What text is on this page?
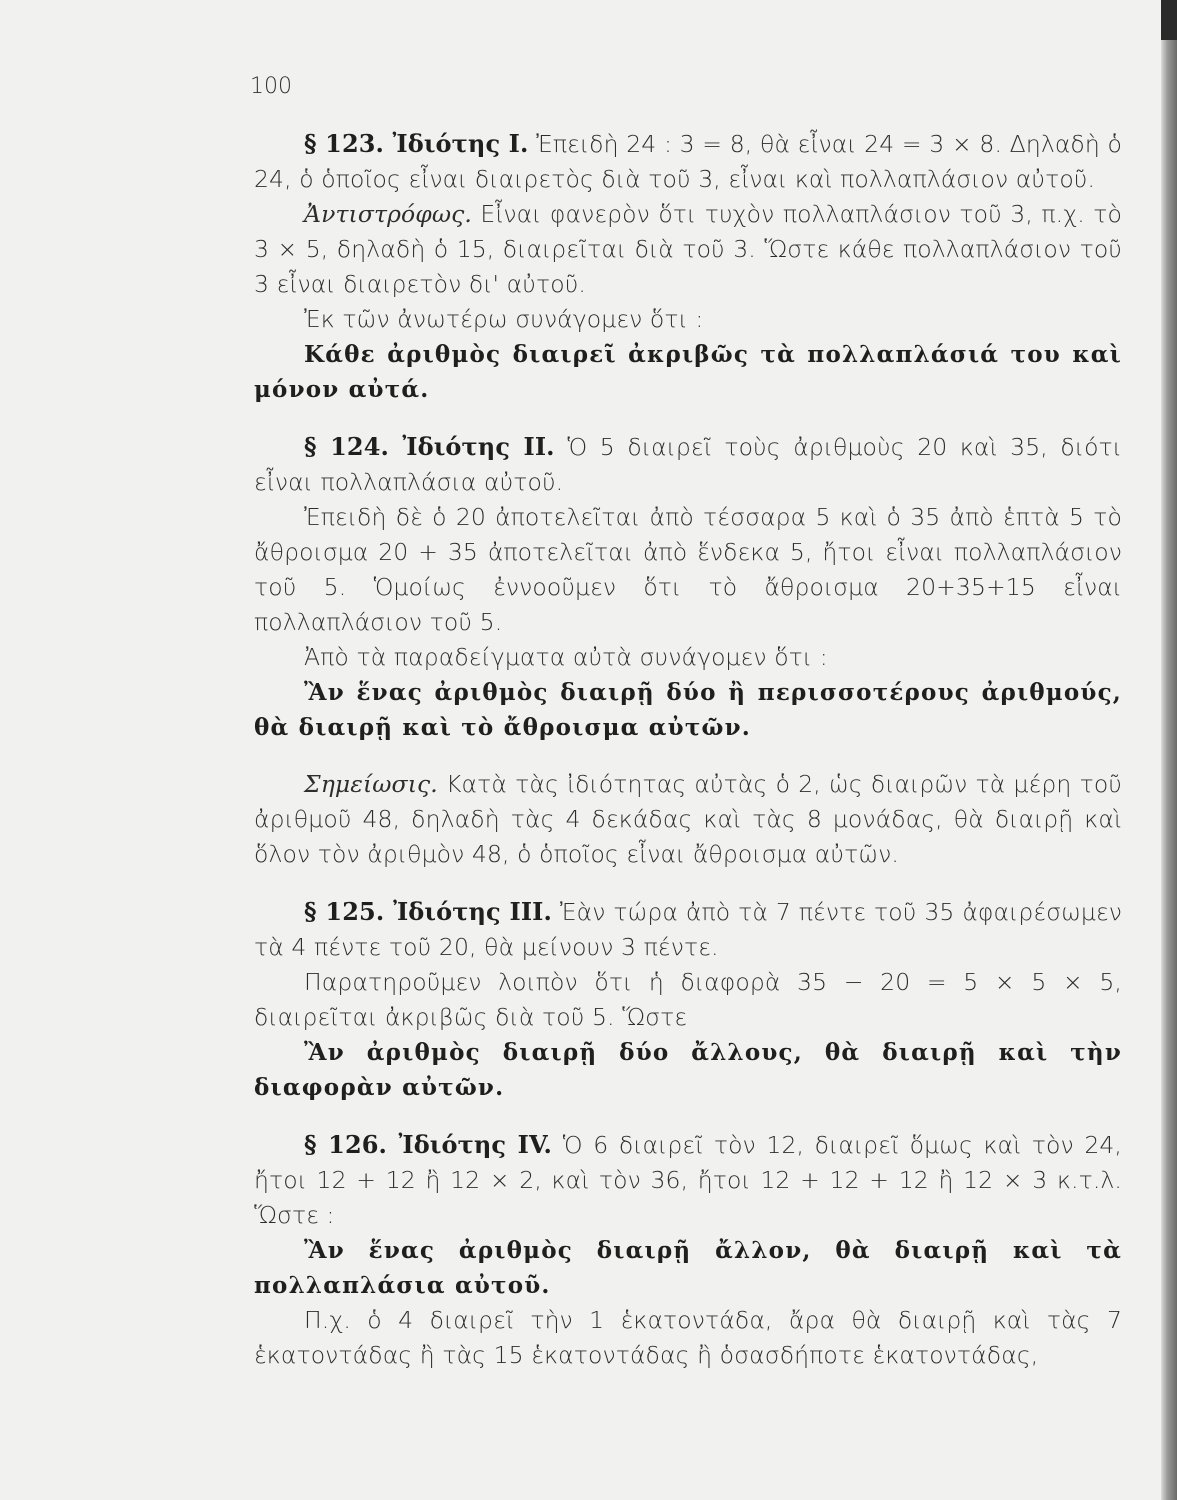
100

§ 123. Ἰδιότης I. Ἐπειδὴ 24 : 3 = 8, θὰ εἶναι 24 = 3 × 8. Δηλαδὴ ὁ 24, ὁ ὁποῖος εἶναι διαιρετὸς διὰ τοῦ 3, εἶναι καὶ πολλαπλάσιον αὐτοῦ.

Ἀντιστρόφως. Εἶναι φανερὸν ὅτι τυχὸν πολλαπλάσιον τοῦ 3, π.χ. τὸ 3 × 5, δηλαδὴ ὁ 15, διαιρεῖται διὰ τοῦ 3. Ὥστε κάθε πολλαπλάσιον τοῦ 3 εἶναι διαιρετὸν δι' αὐτοῦ.

Ἐκ τῶν ἀνωτέρω συνάγομεν ὅτι :

Κάθε ἀριθμὸς διαιρεῖ ἀκριβῶς τὰ πολλαπλάσιά του καὶ μόνον αὐτά.

§ 124. Ἰδιότης II. Ὁ 5 διαιρεῖ τοὺς ἀριθμοὺς 20 καὶ 35, διότι εἶναι πολλαπλάσια αὐτοῦ.

Ἐπειδὴ δὲ ὁ 20 ἀποτελεῖται ἀπὸ τέσσαρα 5 καὶ ὁ 35 ἀπὸ ἑπτὰ 5 τὸ ἄθροισμα 20 + 35 ἀποτελεῖται ἀπὸ ἕνδεκα 5, ἤτοι εἶναι πολλαπλάσιον τοῦ 5. Ὁμοίως ἐννοοῦμεν ὅτι τὸ ἄθροισμα 20+35+15 εἶναι πολλαπλάσιον τοῦ 5.

Ἀπὸ τὰ παραδείγματα αὐτὰ συνάγομεν ὅτι :

Ἂν ἕνας ἀριθμὸς διαιρῇ δύο ἢ περισσοτέρους ἀριθμούς, θὰ διαιρῇ καὶ τὸ ἄθροισμα αὐτῶν.

Σημείωσις. Κατὰ τὰς ἰδιότητας αὐτὰς ὁ 2, ὡς διαιρῶν τὰ μέρη τοῦ ἀριθμοῦ 48, δηλαδὴ τὰς 4 δεκάδας καὶ τὰς 8 μονάδας, θὰ διαιρῇ καὶ ὅλον τὸν ἀριθμὸν 48, ὁ ὁποῖος εἶναι ἄθροισμα αὐτῶν.

§ 125. Ἰδιότης III. Ἐὰν τώρα ἀπὸ τὰ 7 πέντε τοῦ 35 ἀφαιρέσωμεν τὰ 4 πέντε τοῦ 20, θὰ μείνουν 3 πέντε.

Παρατηροῦμεν λοιπὸν ὅτι ἡ διαφορὰ 35 − 20 = 5 × 5 × 5, διαιρεῖται ἀκριβῶς διὰ τοῦ 5. Ὥστε

Ἂν ἀριθμὸς διαιρῇ δύο ἄλλους, θὰ διαιρῇ καὶ τὴν διαφορὰν αὐτῶν.

§ 126. Ἰδιότης IV. Ὁ 6 διαιρεῖ τὸν 12, διαιρεῖ ὅμως καὶ τὸν 24, ἤτοι 12 + 12 ἢ 12 × 2, καὶ τὸν 36, ἤτοι 12 + 12 + 12 ἢ 12 × 3 κ.τ.λ. Ὥστε :

Ἂν ἕνας ἀριθμὸς διαιρῇ ἄλλον, θὰ διαιρῇ καὶ τὰ πολλαπλάσια αὐτοῦ.

Π.χ. ὁ 4 διαιρεῖ τὴν 1 ἑκατοντάδα, ἄρα θὰ διαιρῇ καὶ τὰς 7 ἑκατοντάδας ἢ τὰς 15 ἑκατοντάδας ἢ ὁσασδήποτε ἑκατοντάδας,
